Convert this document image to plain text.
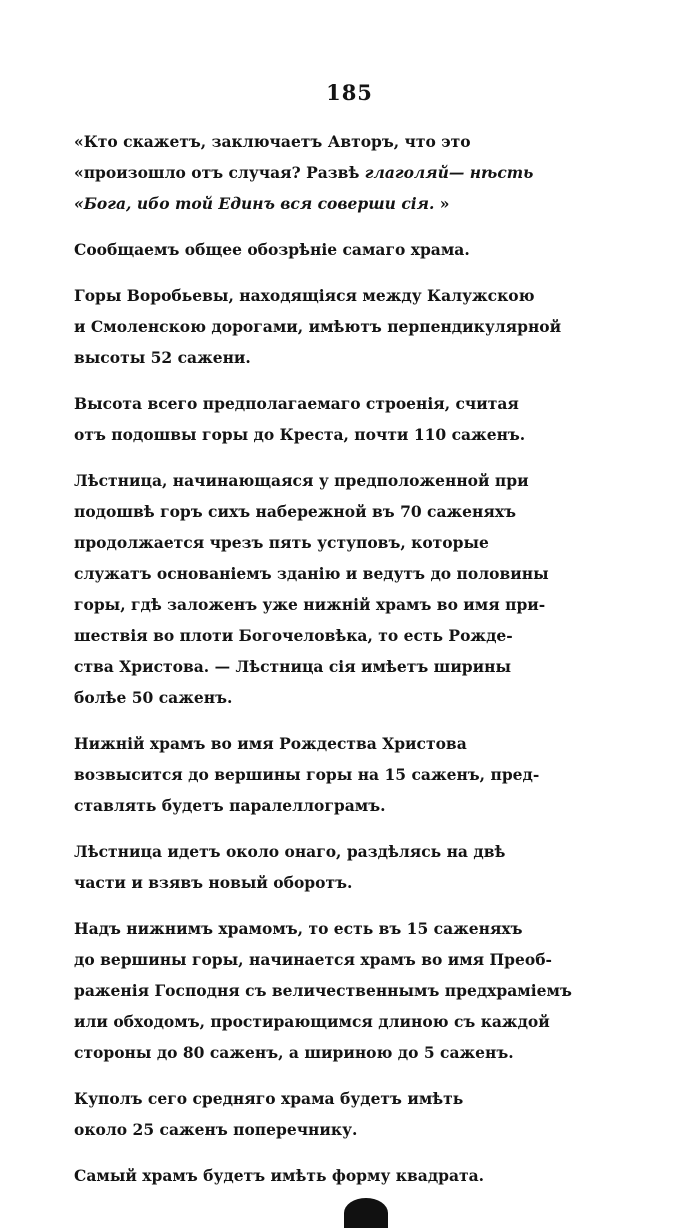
185

«Кто скажетъ, заключаетъ Авторъ, что это
«произошло отъ случая? Развѣ глаголяй— нѣсть
«Бога, ибо той Единъ вся соверши сія. »

Сообщаемъ общее обозрѣніе самаго храма.

Горы Воробьевы, находящіяся между Калужскою
и Смоленскою дорогами, имѣютъ перпендикулярной
высоты 52 сажени.

Высота всего предполагаемаго строенія, считая
отъ подошвы горы до Креста, почти 110 саженъ.

Лѣстница, начинающаяся у предположенной при
подошвѣ горъ сихъ набережной въ 70 саженяхъ
продолжается чрезъ пять уступовъ, которые
служатъ основаніемъ зданію и ведутъ до половины
горы, гдѣ заложенъ уже нижній храмъ во имя при-
шествія во плоти Богочеловѣка, то есть Рожде-
ства Христова. — Лѣстница сія имѣетъ ширины
болѣе 50 саженъ.

Нижній храмъ во имя Рождества Христова
возвысится до вершины горы на 15 саженъ, пред-
ставлять будетъ паралеллограмъ.

Лѣстница идетъ около онаго, раздѣлясь на двѣ
части и взявъ новый оборотъ.

Надъ нижнимъ храмомъ, то есть въ 15 саженяхъ
до вершины горы, начинается храмъ во имя Преоб-
раженія Господня съ величественнымъ предхраміемъ
или обходомъ, простирающимся длиною съ каждой
стороны до 80 саженъ, а шириною до 5 саженъ.

Куполъ сего средняго храма будетъ имѣть
около 25 саженъ поперечнику.

Самый храмъ будетъ имѣть форму квадрата.
